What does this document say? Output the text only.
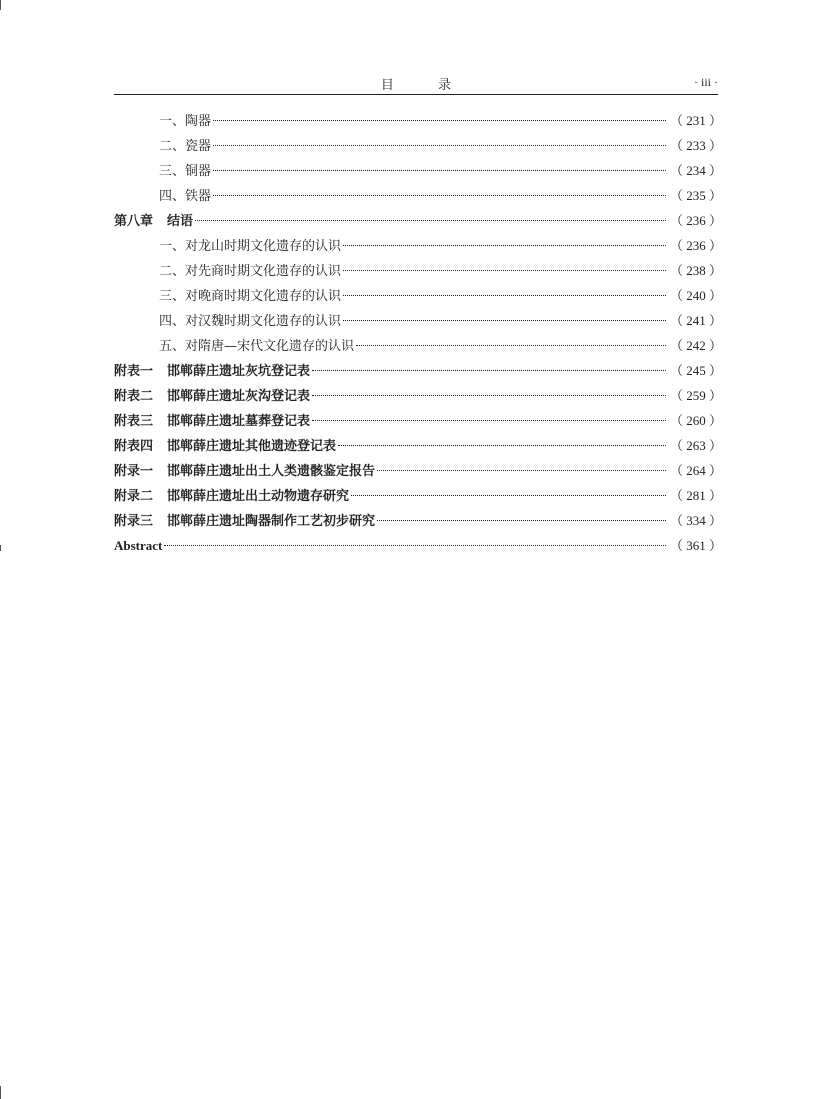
目 录	· iii ·
一、陶器	（ 231 ）
二、瓷器	（ 233 ）
三、铜器	（ 234 ）
四、铁器	（ 235 ）
第八章 结语	（ 236 ）
一、对龙山时期文化遗存的认识	（ 236 ）
二、对先商时期文化遗存的认识	（ 238 ）
三、对晚商时期文化遗存的认识	（ 240 ）
四、对汉魏时期文化遗存的认识	（ 241 ）
五、对隋唐—宋代文化遗存的认识	（ 242 ）
附表一 邯郸薛庄遗址灰坑登记表	（ 245 ）
附表二 邯郸薛庄遗址灰沟登记表	（ 259 ）
附表三 邯郸薛庄遗址墓葬登记表	（ 260 ）
附表四 邯郸薛庄遗址其他遗迹登记表	（ 263 ）
附录一 邯郸薛庄遗址出土人类遗骸鉴定报告	（ 264 ）
附录二 邯郸薛庄遗址出土动物遗存研究	（ 281 ）
附录三 邯郸薛庄遗址陶器制作工艺初步研究	（ 334 ）
Abstract	（ 361 ）
